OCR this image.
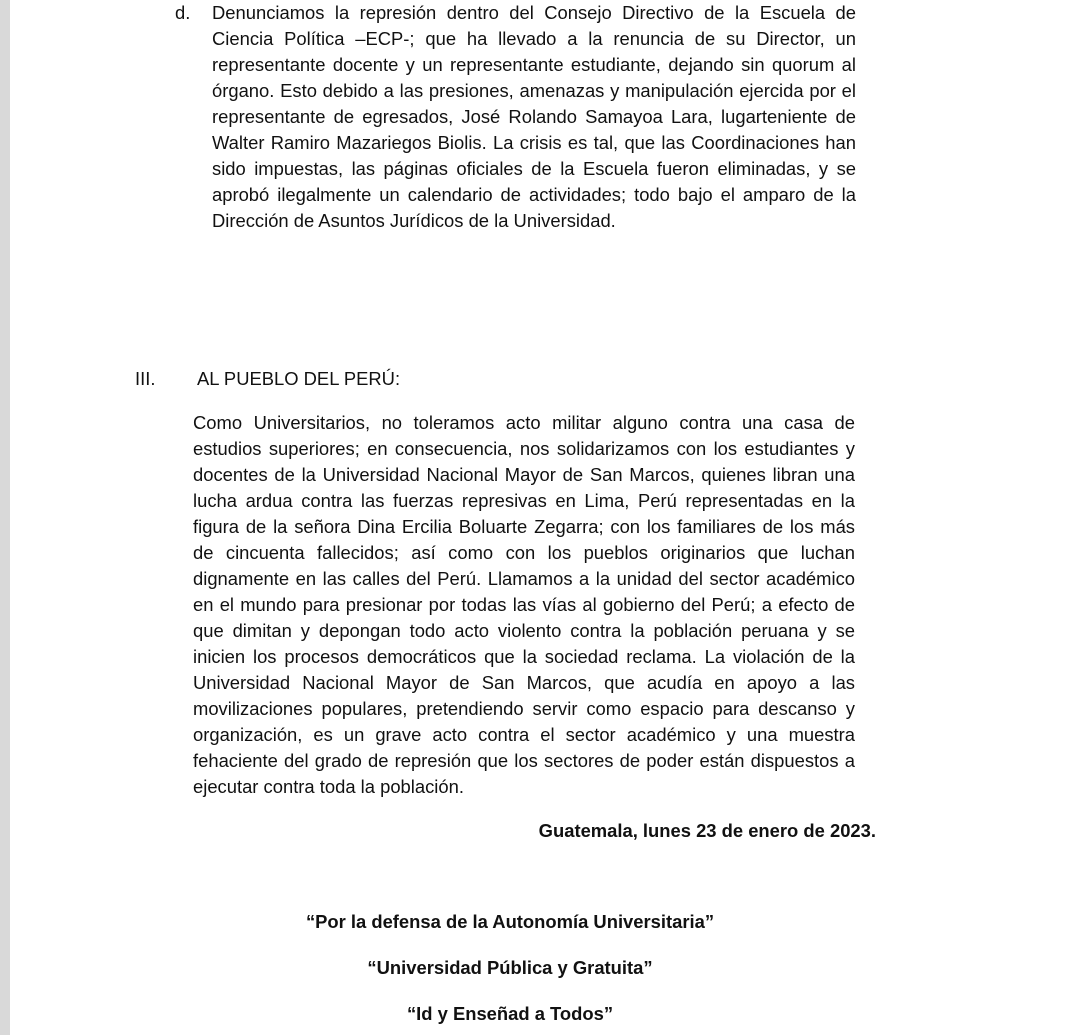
d. Denunciamos la represión dentro del Consejo Directivo de la Escuela de Ciencia Política –ECP-; que ha llevado a la renuncia de su Director, un representante docente y un representante estudiante, dejando sin quorum al órgano. Esto debido a las presiones, amenazas y manipulación ejercida por el representante de egresados, José Rolando Samayoa Lara, lugarteniente de Walter Ramiro Mazariegos Biolis. La crisis es tal, que las Coordinaciones han sido impuestas, las páginas oficiales de la Escuela fueron eliminadas, y se aprobó ilegalmente un calendario de actividades; todo bajo el amparo de la Dirección de Asuntos Jurídicos de la Universidad.

III. AL PUEBLO DEL PERÚ:

Como Universitarios, no toleramos acto militar alguno contra una casa de estudios superiores; en consecuencia, nos solidarizamos con los estudiantes y docentes de la Universidad Nacional Mayor de San Marcos, quienes libran una lucha ardua contra las fuerzas represivas en Lima, Perú representadas en la figura de la señora Dina Ercilia Boluarte Zegarra; con los familiares de los más de cincuenta fallecidos; así como con los pueblos originarios que luchan dignamente en las calles del Perú. Llamamos a la unidad del sector académico en el mundo para presionar por todas las vías al gobierno del Perú; a efecto de que dimitan y depongan todo acto violento contra la población peruana y se inicien los procesos democráticos que la sociedad reclama. La violación de la Universidad Nacional Mayor de San Marcos, que acudía en apoyo a las movilizaciones populares, pretendiendo servir como espacio para descanso y organización, es un grave acto contra el sector académico y una muestra fehaciente del grado de represión que los sectores de poder están dispuestos a ejecutar contra toda la población.

Guatemala, lunes 23 de enero de 2023.
“Por la defensa de la Autonomía Universitaria”
“Universidad Pública y Gratuita”
“Id y Enseñad a Todos”
